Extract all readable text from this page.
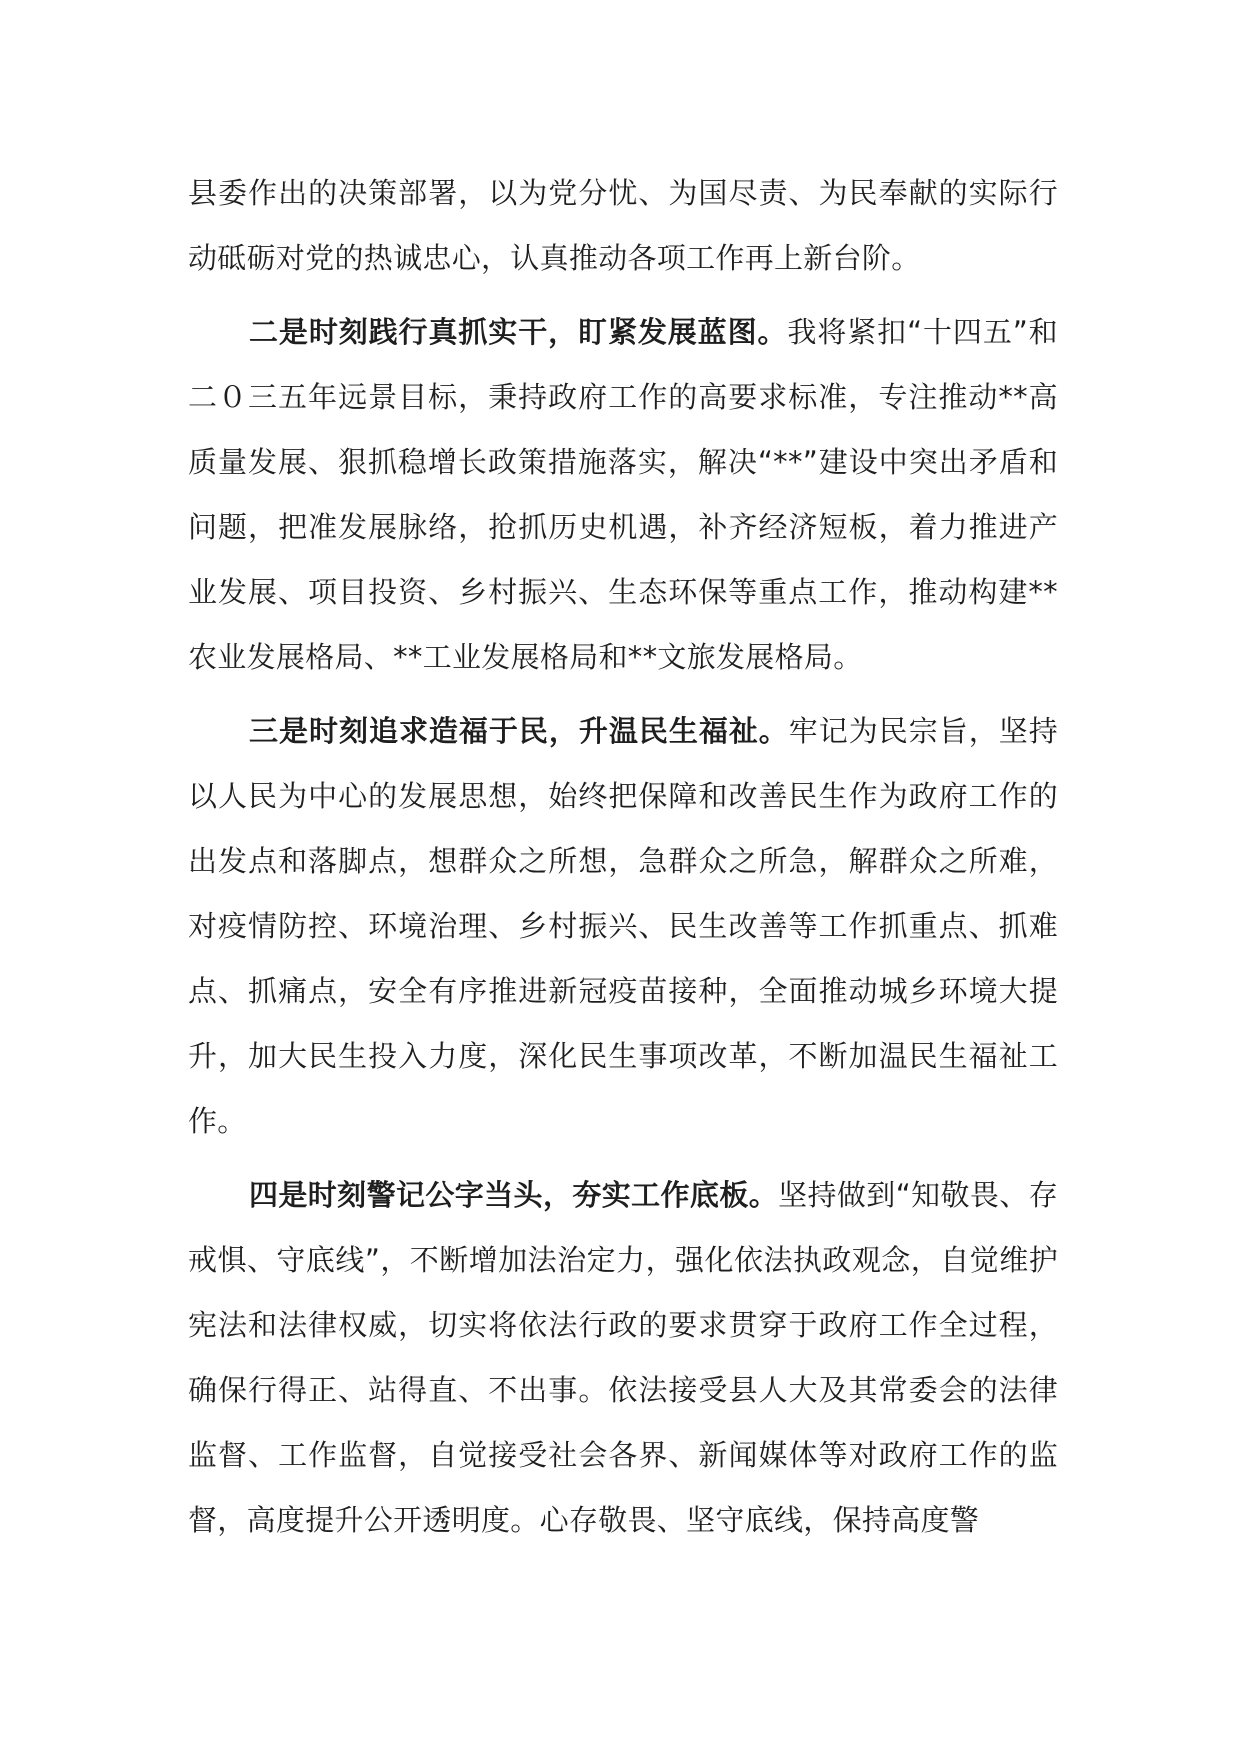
县委作出的决策部署，以为党分忧、为国尽责、为民奉献的实际行动砥砺对党的热诚忠心，认真推动各项工作再上新台阶。

二是时刻践行真抓实干，盯紧发展蓝图。我将紧扣“十四五”和二０三五年远景目标，秉持政府工作的高要求标准，专注推动**高质量发展、狠抓稳增长政策措施落实，解决“**”建设中突出矛盾和问题，把准发展脉络，抢抓历史机遇，补齐经济短板，着力推进产业发展、项目投资、乡村振兴、生态环保等重点工作，推动构建**农业发展格局、**工业发展格局和**文旅发展格局。

三是时刻追求造福于民，升温民生福祉。牢记为民宗旨，坚持以人民为中心的发展思想，始终把保障和改善民生作为政府工作的出发点和落脚点，想群众之所想，急群众之所急，解群众之所难，对疫情防控、环境治理、乡村振兴、民生改善等工作抓重点、抓难点、抓痛点，安全有序推进新冠疫苗接种，全面推动城乡环境大提升，加大民生投入力度，深化民生事项改革，不断加温民生福祉工作。

四是时刻警记公字当头，夯实工作底板。坚持做到“知敬畏、存戒惧、守底线”，不断增加法治定力，强化依法执政观念，自觉维护宪法和法律权威，切实将依法行政的要求贯穿于政府工作全过程，确保行得正、站得直、不出事。依法接受县人大及其常委会的法律监督、工作监督，自觉接受社会各界、新闻媒体等对政府工作的监督，高度提升公开透明度。心存敬畏、坚守底线，保持高度警
